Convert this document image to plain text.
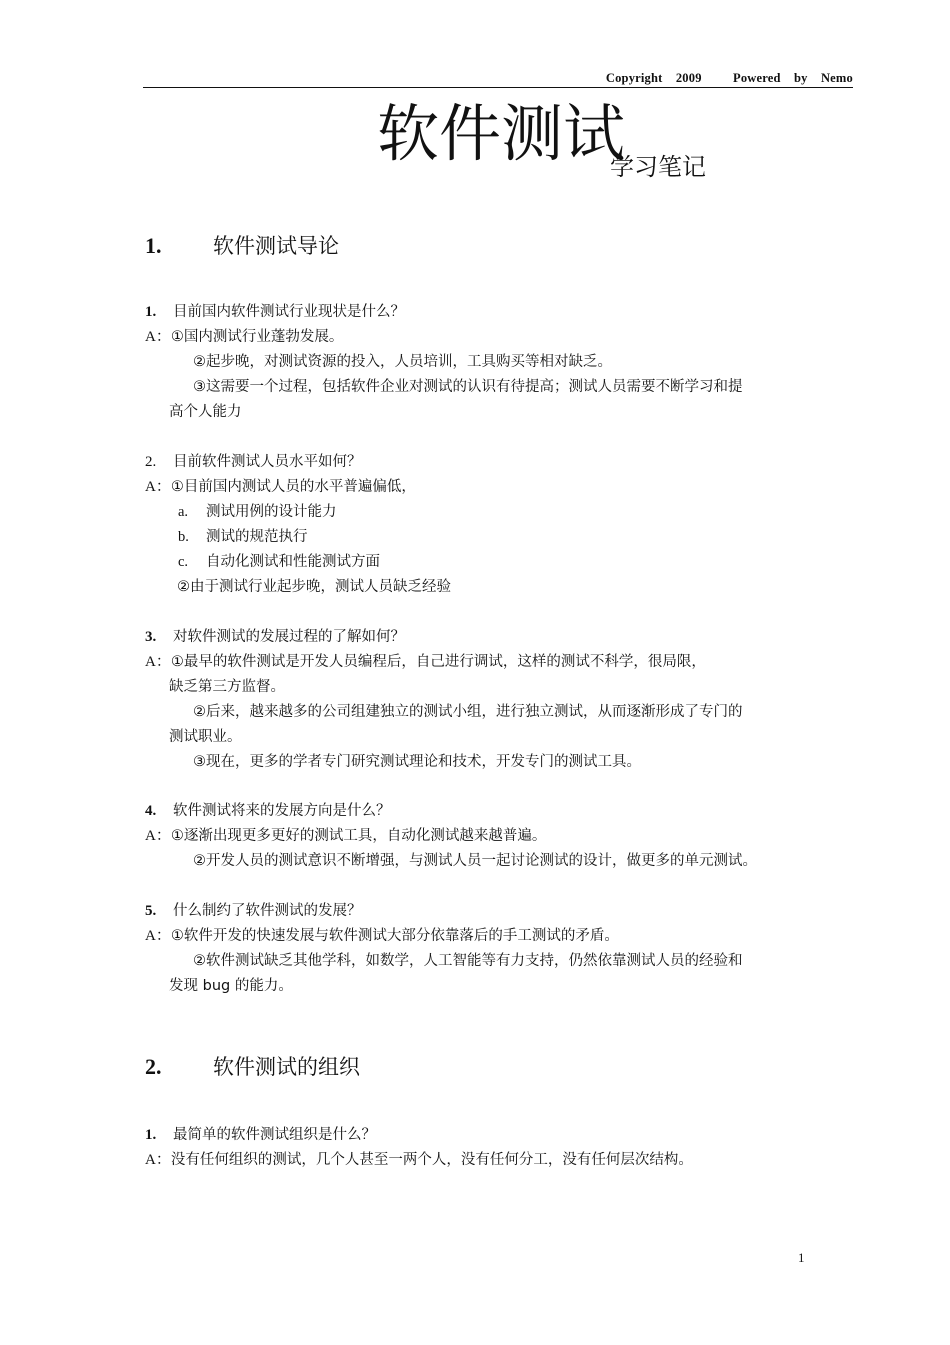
Copyright 2009	Powered by Nemo
软件测试
学习笔记
1. 软件测试导论
1. 目前国内软件测试行业现状是什么？
A：①国内测试行业蓬勃发展。
②起步晚，对测试资源的投入，人员培训，工具购买等相对缺乏。
③这需要一个过程，包括软件企业对测试的认识有待提高；测试人员需要不断学习和提
高个人能力
2. 目前软件测试人员水平如何？
A：①目前国内测试人员的水平普遍偏低，
a. 测试用例的设计能力
b. 测试的规范执行
c. 自动化测试和性能测试方面
②由于测试行业起步晚，测试人员缺乏经验
3. 对软件测试的发展过程的了解如何？
A：①最早的软件测试是开发人员编程后，自己进行调试，这样的测试不科学，很局限，
缺乏第三方监督。
②后来，越来越多的公司组建独立的测试小组，进行独立测试，从而逐渐形成了专门的
测试职业。
③现在，更多的学者专门研究测试理论和技术，开发专门的测试工具。
4. 软件测试将来的发展方向是什么？
A：①逐渐出现更多更好的测试工具，自动化测试越来越普遍。
②开发人员的测试意识不断增强，与测试人员一起讨论测试的设计，做更多的单元测试。
5. 什么制约了软件测试的发展？
A：①软件开发的快速发展与软件测试大部分依靠落后的手工测试的矛盾。
②软件测试缺乏其他学科，如数学，人工智能等有力支持，仍然依靠测试人员的经验和
发现 bug 的能力。
2. 软件测试的组织
1. 最简单的软件测试组织是什么？
A：没有任何组织的测试，几个人甚至一两个人，没有任何分工，没有任何层次结构。
1
